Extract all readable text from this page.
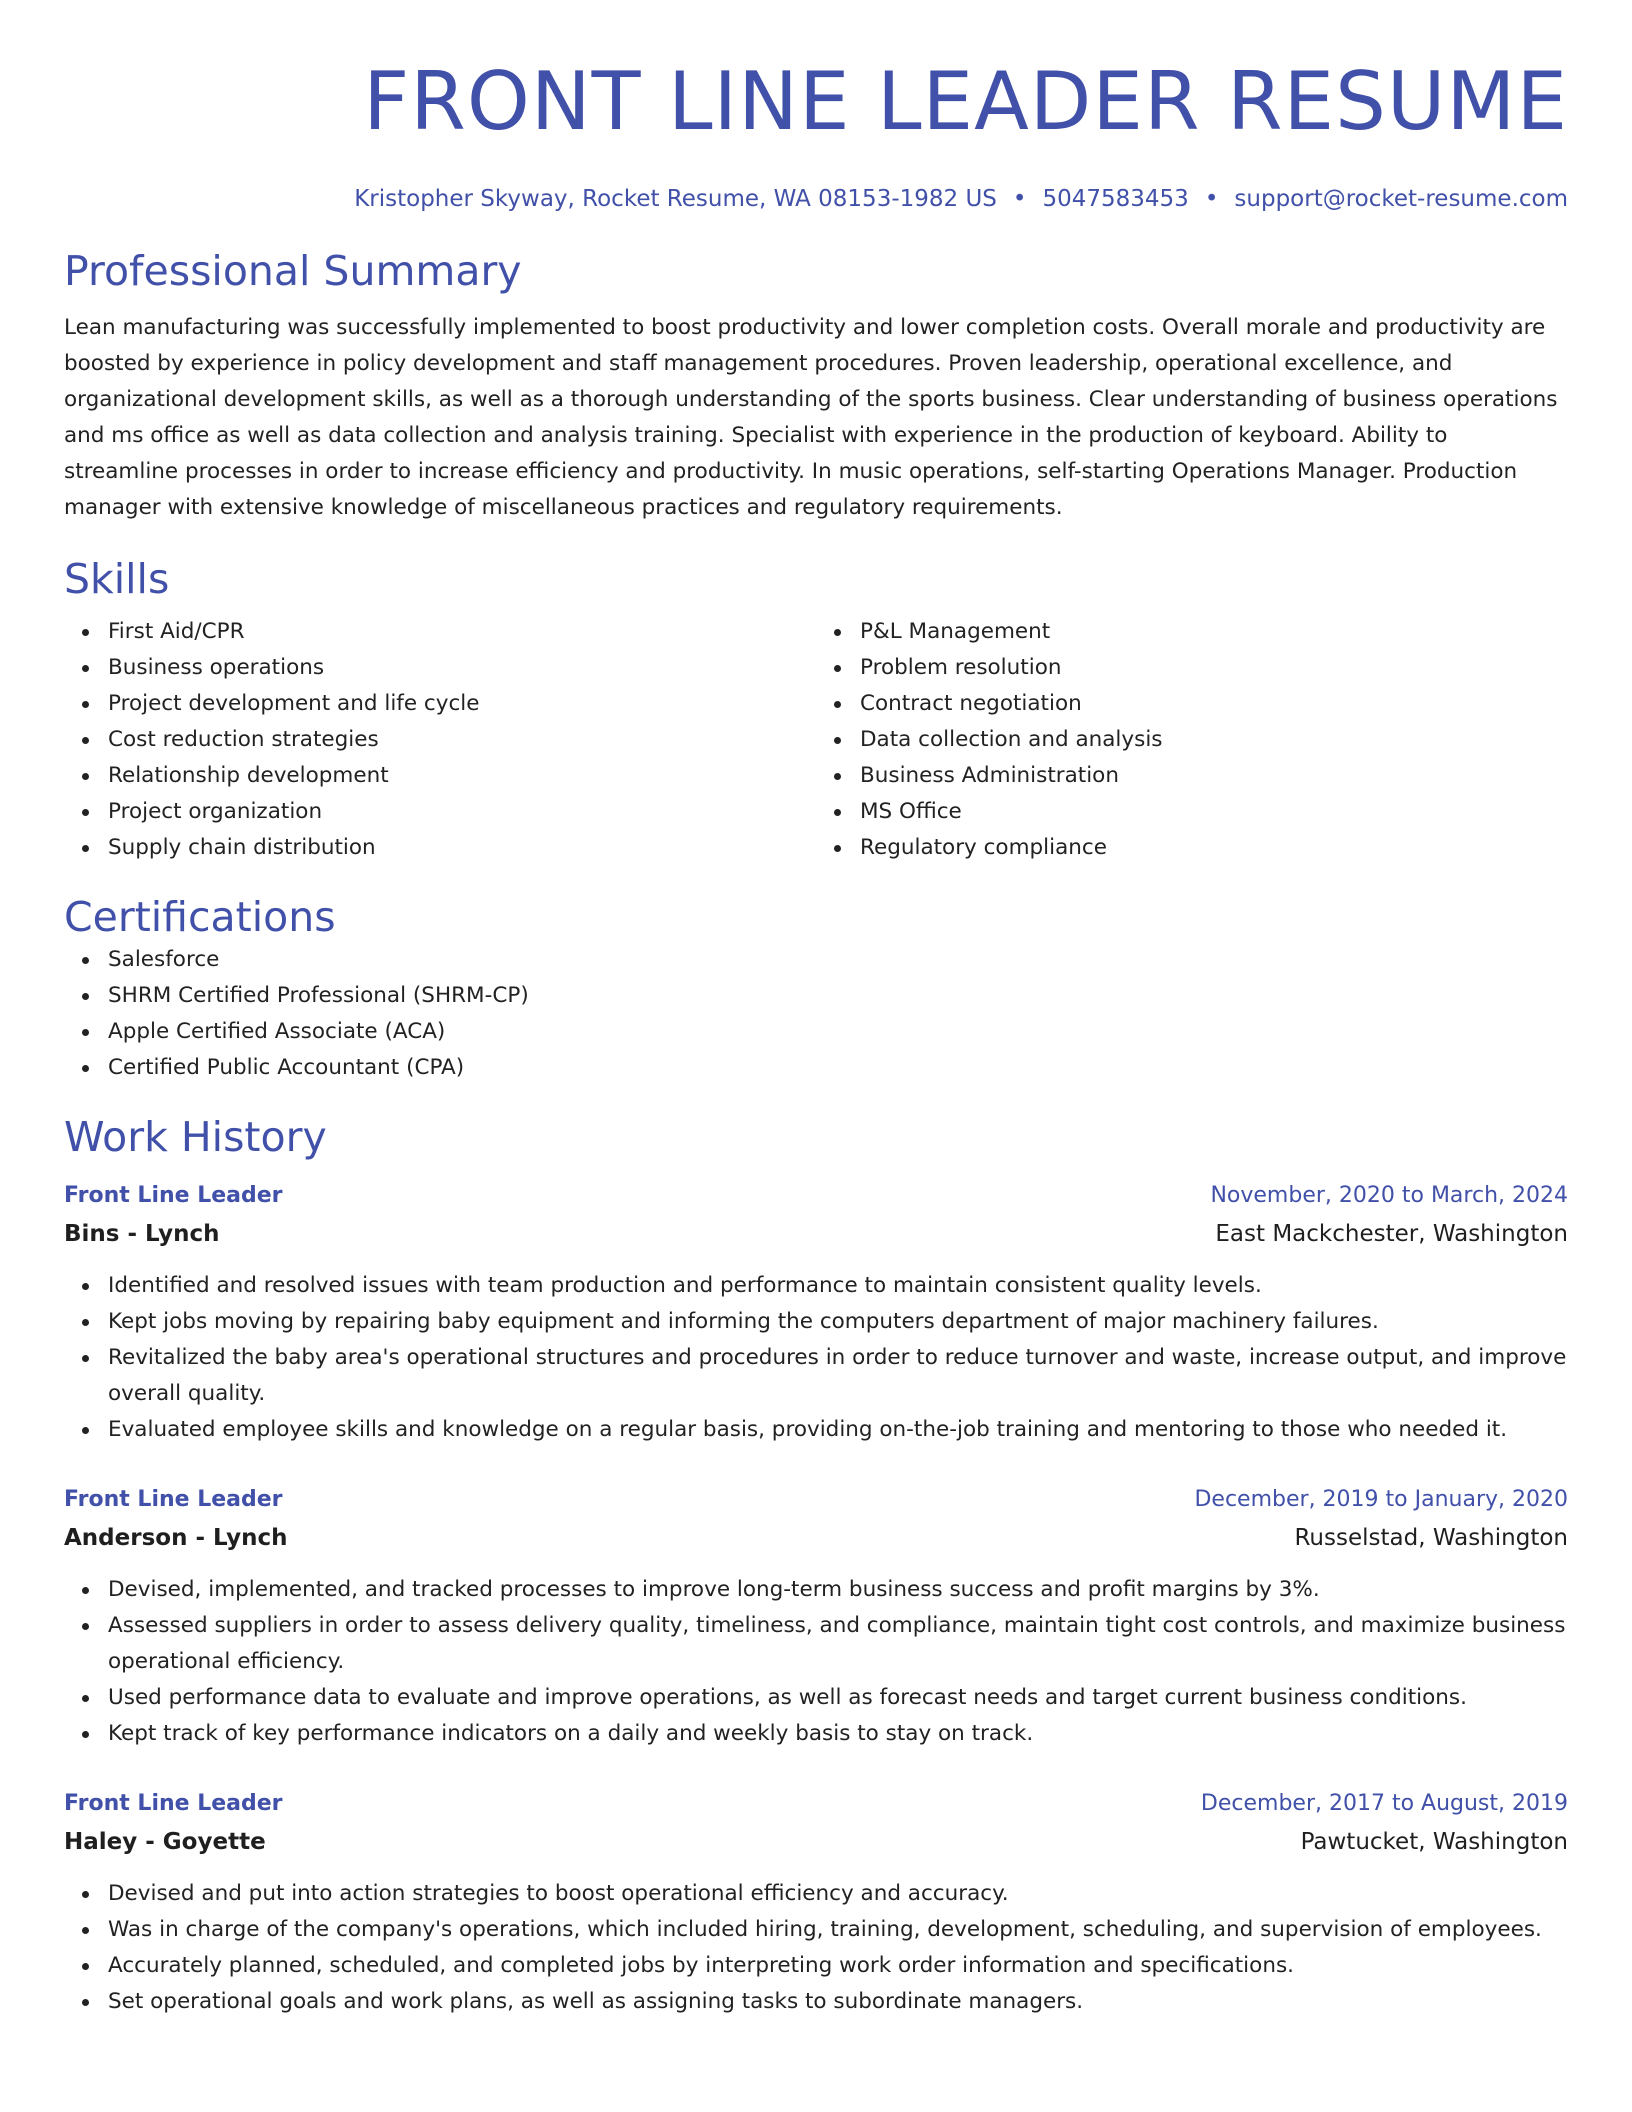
FRONT LINE LEADER RESUME
Kristopher Skyway, Rocket Resume, WA 08153-1982 US • 5047583453 • support@rocket-resume.com
Professional Summary
Lean manufacturing was successfully implemented to boost productivity and lower completion costs. Overall morale and productivity are boosted by experience in policy development and staff management procedures. Proven leadership, operational excellence, and organizational development skills, as well as a thorough understanding of the sports business. Clear understanding of business operations and ms office as well as data collection and analysis training. Specialist with experience in the production of keyboard. Ability to streamline processes in order to increase efficiency and productivity. In music operations, self-starting Operations Manager. Production manager with extensive knowledge of miscellaneous practices and regulatory requirements.
Skills
First Aid/CPR
Business operations
Project development and life cycle
Cost reduction strategies
Relationship development
Project organization
Supply chain distribution
P&L Management
Problem resolution
Contract negotiation
Data collection and analysis
Business Administration
MS Office
Regulatory compliance
Certifications
Salesforce
SHRM Certified Professional (SHRM-CP)
Apple Certified Associate (ACA)
Certified Public Accountant (CPA)
Work History
Front Line Leader	November, 2020 to March, 2024
Bins - Lynch	East Mackchester, Washington
Identified and resolved issues with team production and performance to maintain consistent quality levels.
Kept jobs moving by repairing baby equipment and informing the computers department of major machinery failures.
Revitalized the baby area's operational structures and procedures in order to reduce turnover and waste, increase output, and improve overall quality.
Evaluated employee skills and knowledge on a regular basis, providing on-the-job training and mentoring to those who needed it.
Front Line Leader	December, 2019 to January, 2020
Anderson - Lynch	Russelstad, Washington
Devised, implemented, and tracked processes to improve long-term business success and profit margins by 3%.
Assessed suppliers in order to assess delivery quality, timeliness, and compliance, maintain tight cost controls, and maximize business operational efficiency.
Used performance data to evaluate and improve operations, as well as forecast needs and target current business conditions.
Kept track of key performance indicators on a daily and weekly basis to stay on track.
Front Line Leader	December, 2017 to August, 2019
Haley - Goyette	Pawtucket, Washington
Devised and put into action strategies to boost operational efficiency and accuracy.
Was in charge of the company's operations, which included hiring, training, development, scheduling, and supervision of employees.
Accurately planned, scheduled, and completed jobs by interpreting work order information and specifications.
Set operational goals and work plans, as well as assigning tasks to subordinate managers.
